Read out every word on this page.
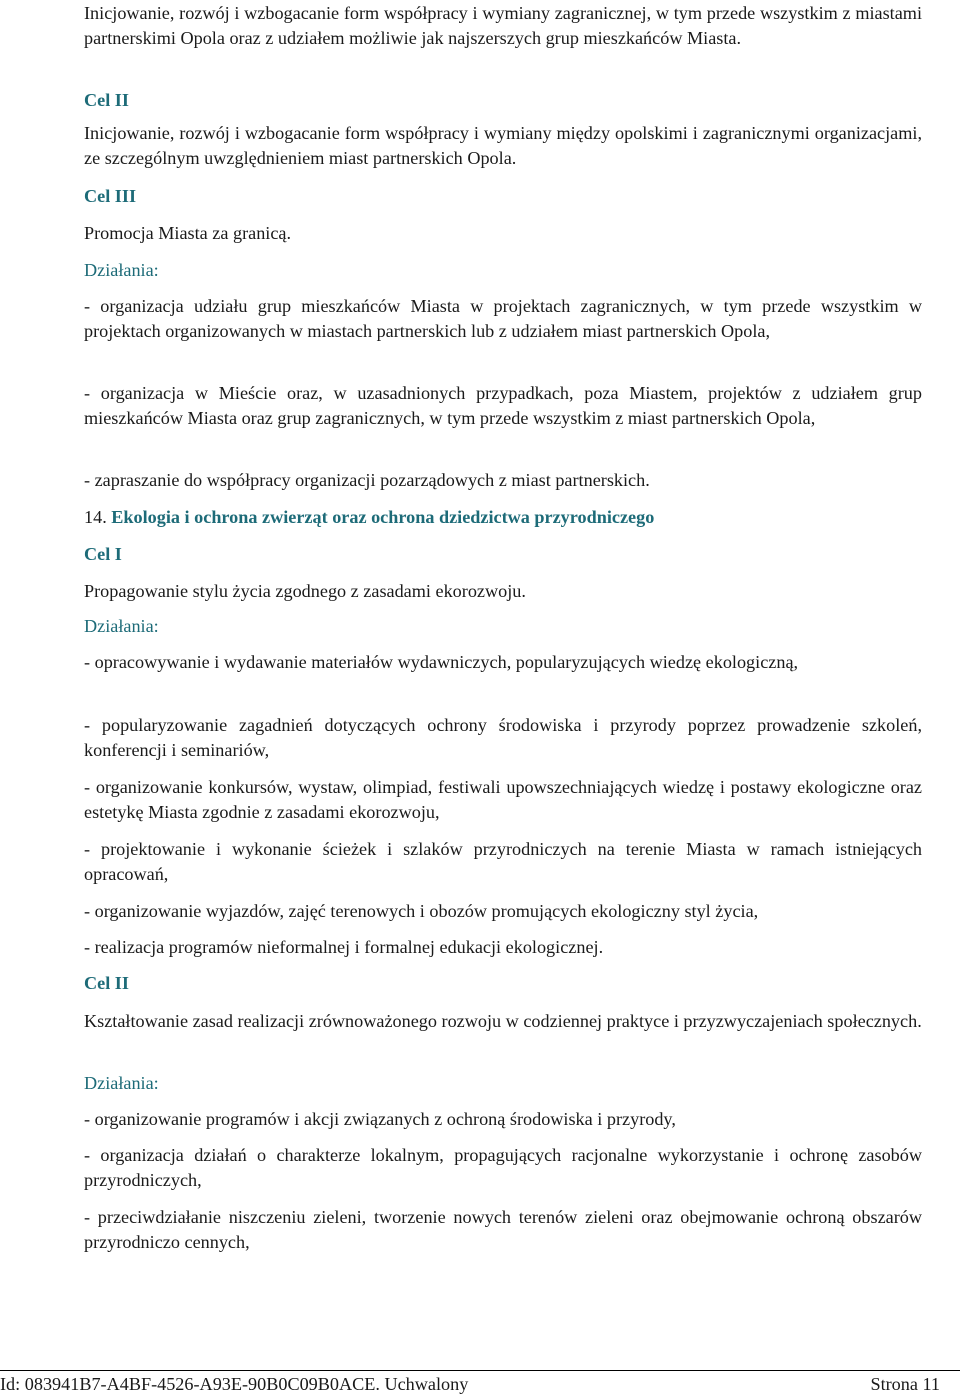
Inicjowanie, rozwój i wzbogacanie form współpracy i wymiany zagranicznej, w tym przede wszystkim z miastami partnerskimi Opola oraz z udziałem możliwie jak najszerszych grup mieszkańców Miasta.

Cel II

Inicjowanie, rozwój i wzbogacanie form współpracy i wymiany między opolskimi i zagranicznymi organizacjami, ze szczególnym uwzględnieniem miast partnerskich Opola.

Cel III

Promocja Miasta za granicą.

Działania:

- organizacja udziału grup mieszkańców Miasta w projektach zagranicznych, w tym przede wszystkim w projektach organizowanych w miastach partnerskich lub z udziałem miast partnerskich Opola,

- organizacja w Mieście oraz, w uzasadnionych przypadkach, poza Miastem, projektów z udziałem grup mieszkańców Miasta oraz grup zagranicznych, w tym przede wszystkim z miast partnerskich Opola,

- zapraszanie do współpracy organizacji pozarządowych z miast partnerskich.

14. Ekologia i ochrona zwierząt oraz ochrona dziedzictwa przyrodniczego

Cel I

Propagowanie stylu życia zgodnego z zasadami ekorozwoju.

Działania:

- opracowywanie i wydawanie materiałów wydawniczych, popularyzujących wiedzę ekologiczną,

- popularyzowanie zagadnień dotyczących ochrony środowiska i przyrody poprzez prowadzenie szkoleń, konferencji i seminariów,

- organizowanie konkursów, wystaw, olimpiad, festiwali upowszechniających wiedzę i postawy ekologiczne oraz estetykę Miasta zgodnie z zasadami ekorozwoju,

- projektowanie i wykonanie ścieżek i szlaków przyrodniczych na terenie Miasta w ramach istniejących opracowań,

- organizowanie wyjazdów, zajęć terenowych i obozów promujących ekologiczny styl życia,

- realizacja programów nieformalnej i formalnej edukacji ekologicznej.

Cel II

Kształtowanie zasad realizacji zrównoważonego rozwoju w codziennej praktyce i przyzwyczajeniach społecznych.

Działania:

- organizowanie programów i akcji związanych z ochroną środowiska i przyrody,

- organizacja działań o charakterze lokalnym, propagujących racjonalne wykorzystanie i ochronę zasobów przyrodniczych,

- przeciwdziałanie niszczeniu zieleni, tworzenie nowych terenów zieleni oraz obejmowanie ochroną obszarów przyrodniczo cennych,

Id: 083941B7-A4BF-4526-A93E-90B0C09B0ACE. Uchwalony	Strona 11
